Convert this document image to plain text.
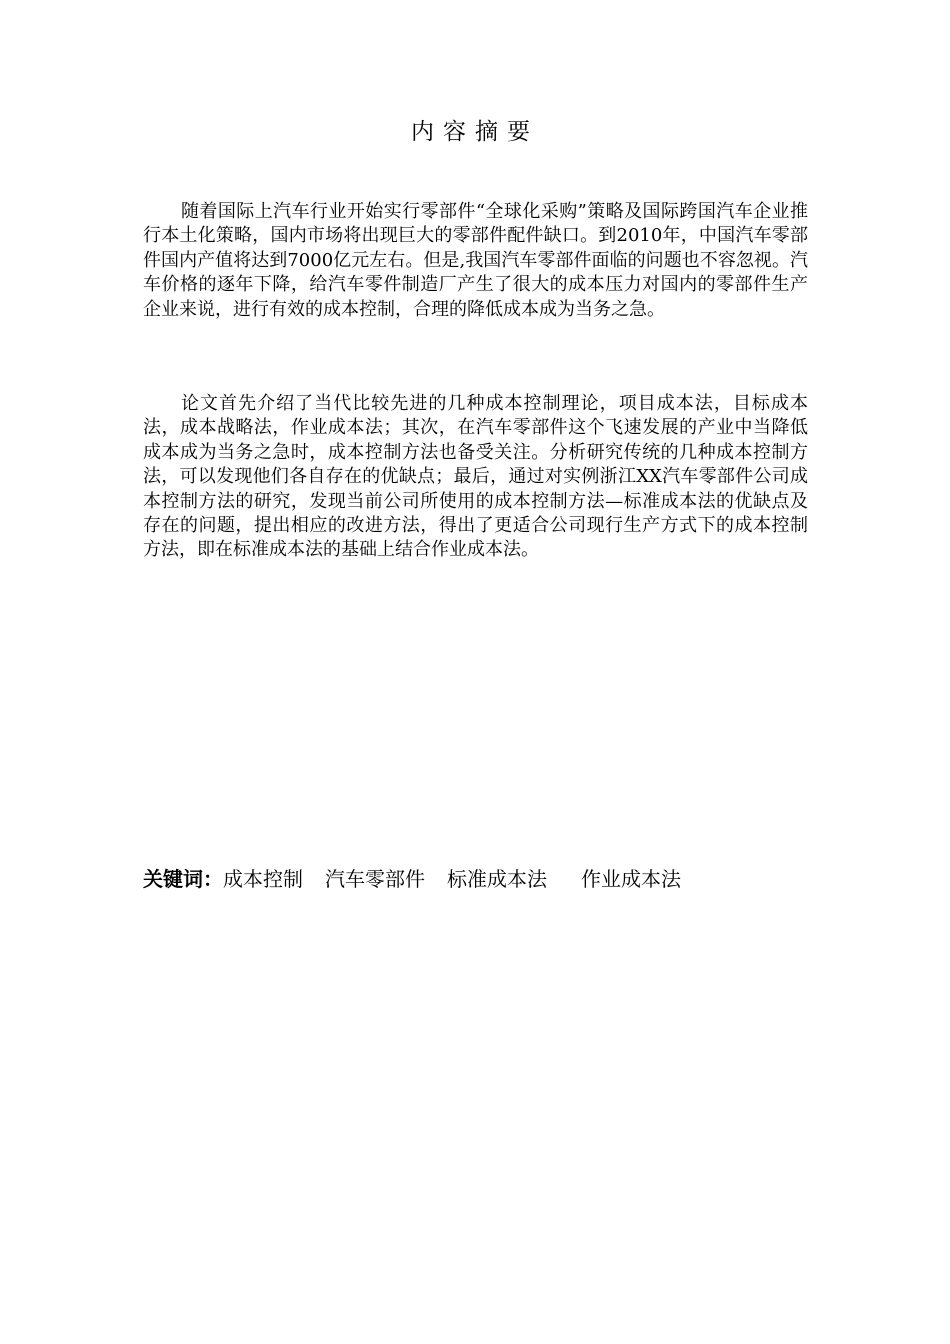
内容摘要

随着国际上汽车行业开始实行零部件“全球化采购”策略及国际跨国汽车企业推行本土化策略，国内市场将出现巨大的零部件配件缺口。到2010年，中国汽车零部件国内产值将达到7000亿元左右。但是,我国汽车零部件面临的问题也不容忽视。汽车价格的逐年下降，给汽车零件制造厂产生了很大的成本压力对国内的零部件生产企业来说，进行有效的成本控制，合理的降低成本成为当务之急。

论文首先介绍了当代比较先进的几种成本控制理论，项目成本法，目标成本法，成本战略法，作业成本法；其次，在汽车零部件这个飞速发展的产业中当降低成本成为当务之急时，成本控制方法也备受关注。分析研究传统的几种成本控制方法，可以发现他们各自存在的优缺点；最后，通过对实例浙江XX汽车零部件公司成本控制方法的研究，发现当前公司所使用的成本控制方法—标准成本法的优缺点及存在的问题，提出相应的改进方法，得出了更适合公司现行生产方式下的成本控制方法，即在标准成本法的基础上结合作业成本法。

关键词：成本控制 汽车零部件 标准成本法 作业成本法
